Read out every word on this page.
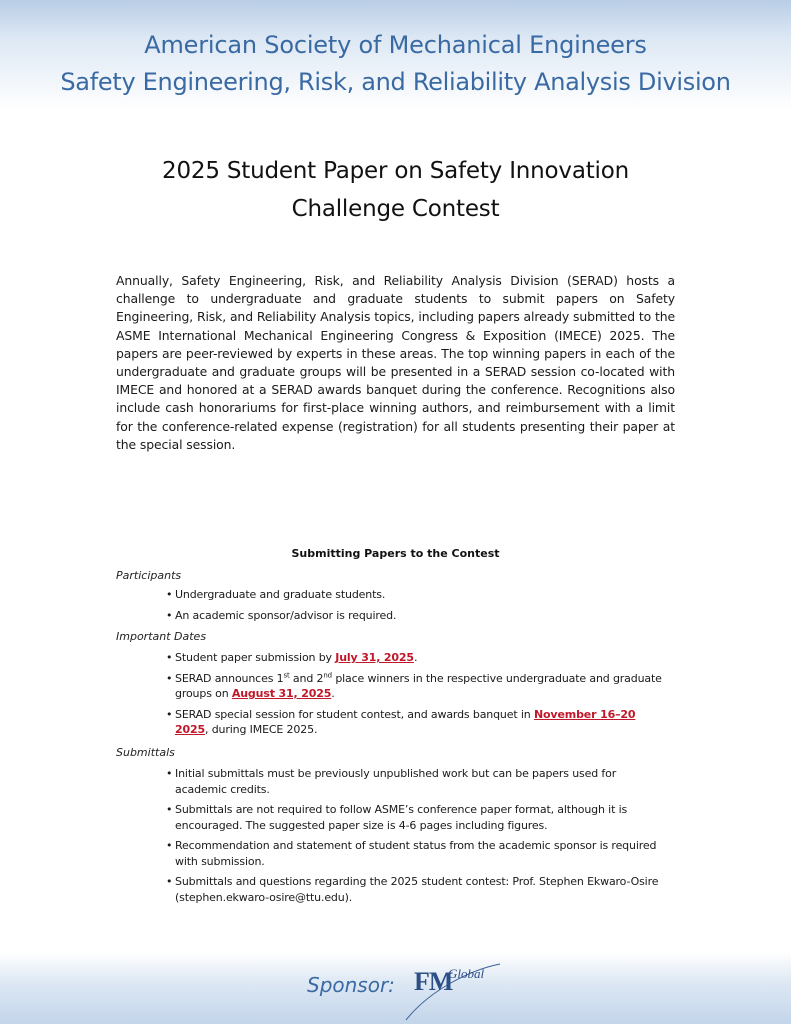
American Society of Mechanical Engineers
Safety Engineering, Risk, and Reliability Analysis Division
2025 Student Paper on Safety Innovation
Challenge Contest

Annually, Safety Engineering, Risk, and Reliability Analysis Division (SERAD) hosts a challenge to undergraduate and graduate students to submit papers on Safety Engineering, Risk, and Reliability Analysis topics, including papers already submitted to the ASME International Mechanical Engineering Congress & Exposition (IMECE) 2025. The papers are peer-reviewed by experts in these areas. The top winning papers in each of the undergraduate and graduate groups will be presented in a SERAD session co-located with IMECE and honored at a SERAD awards banquet during the conference. Recognitions also include cash honorariums for first-place winning authors, and reimbursement with a limit for the conference-related expense (registration) for all students presenting their paper at the special session.

Submitting Papers to the Contest
Participants
• Undergraduate and graduate students.
• An academic sponsor/advisor is required.
Important Dates
• Student paper submission by July 31, 2025.
• SERAD announces 1st and 2nd place winners in the respective undergraduate and graduate groups on August 31, 2025.
• SERAD special session for student contest, and awards banquet in November 16–20 2025, during IMECE 2025.
Submittals
• Initial submittals must be previously unpublished work but can be papers used for academic credits.
• Submittals are not required to follow ASME’s conference paper format, although it is encouraged. The suggested paper size is 4-6 pages including figures.
• Recommendation and statement of student status from the academic sponsor is required with submission.
• Submittals and questions regarding the 2025 student contest: Prof. Stephen Ekwaro-Osire (stephen.ekwaro-osire@ttu.edu).
Sponsor: FM
Global
